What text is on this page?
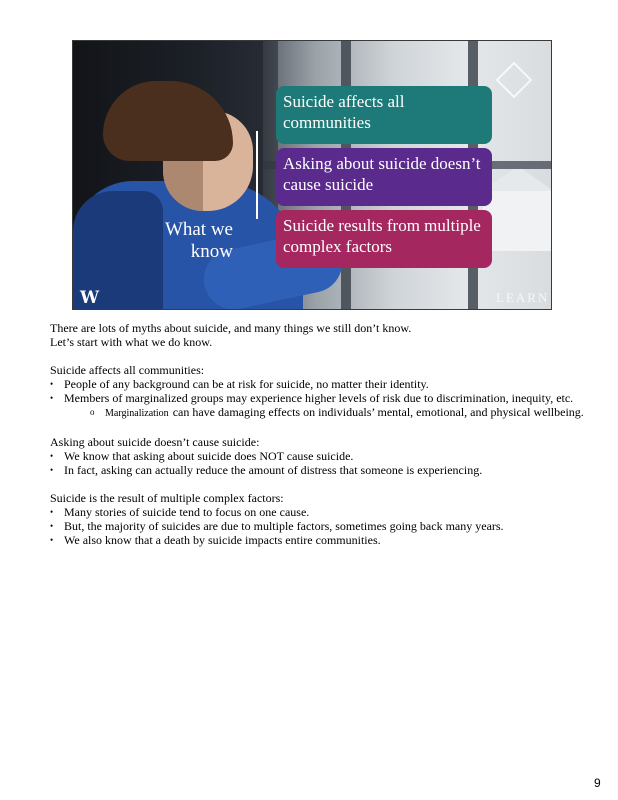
What we know
Suicide affects all communities
Asking about suicide doesn’t cause suicide
Suicide results from multiple complex factors
W	LEARN

There are lots of myths about suicide, and many things we still don’t know.

Let’s start with what we do know.

Suicide affects all communities:

• People of any background can be at risk for suicide, no matter their identity.
• Members of marginalized groups may experience higher levels of risk due to discrimination, inequity, etc.
o	Marginalization can have damaging effects on individuals’ mental, emotional, and physical wellbeing.

Asking about suicide doesn’t cause suicide:

• We know that asking about suicide does NOT cause suicide.
• In fact, asking can actually reduce the amount of distress that someone is experiencing.

Suicide is the result of multiple complex factors:

• Many stories of suicide tend to focus on one cause.
• But, the majority of suicides are due to multiple factors, sometimes going back many years.
• We also know that a death by suicide impacts entire communities.
9
